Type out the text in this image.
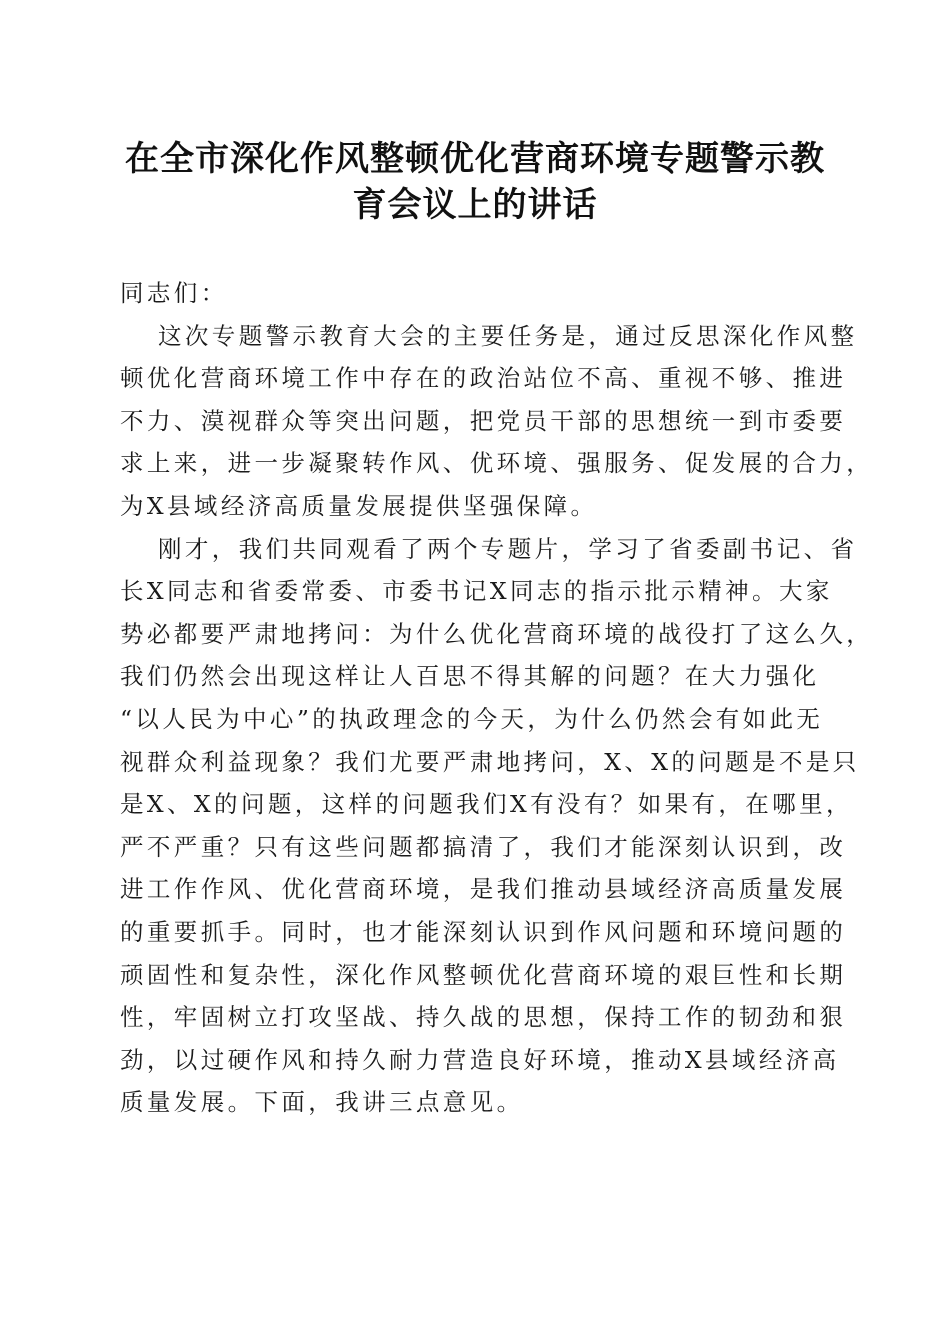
在全市深化作风整顿优化营商环境专题警示教
育会议上的讲话
同志们：
这次专题警示教育大会的主要任务是，通过反思深化作风整
顿优化营商环境工作中存在的政治站位不高、重视不够、推进
不力、漠视群众等突出问题，把党员干部的思想统一到市委要
求上来，进一步凝聚转作风、优环境、强服务、促发展的合力，
为X县域经济高质量发展提供坚强保障。
刚才，我们共同观看了两个专题片，学习了省委副书记、省
长X同志和省委常委、市委书记X同志的指示批示精神。大家
势必都要严肃地拷问：为什么优化营商环境的战役打了这么久，
我们仍然会出现这样让人百思不得其解的问题？在大力强化
“以人民为中心”的执政理念的今天，为什么仍然会有如此无
视群众利益现象？我们尤要严肃地拷问，X、X的问题是不是只
是X、X的问题，这样的问题我们X有没有？如果有，在哪里，
严不严重？只有这些问题都搞清了，我们才能深刻认识到，改
进工作作风、优化营商环境，是我们推动县域经济高质量发展
的重要抓手。同时，也才能深刻认识到作风问题和环境问题的
顽固性和复杂性，深化作风整顿优化营商环境的艰巨性和长期
性，牢固树立打攻坚战、持久战的思想，保持工作的韧劲和狠
劲，以过硬作风和持久耐力营造良好环境，推动X县域经济高
质量发展。下面，我讲三点意见。
